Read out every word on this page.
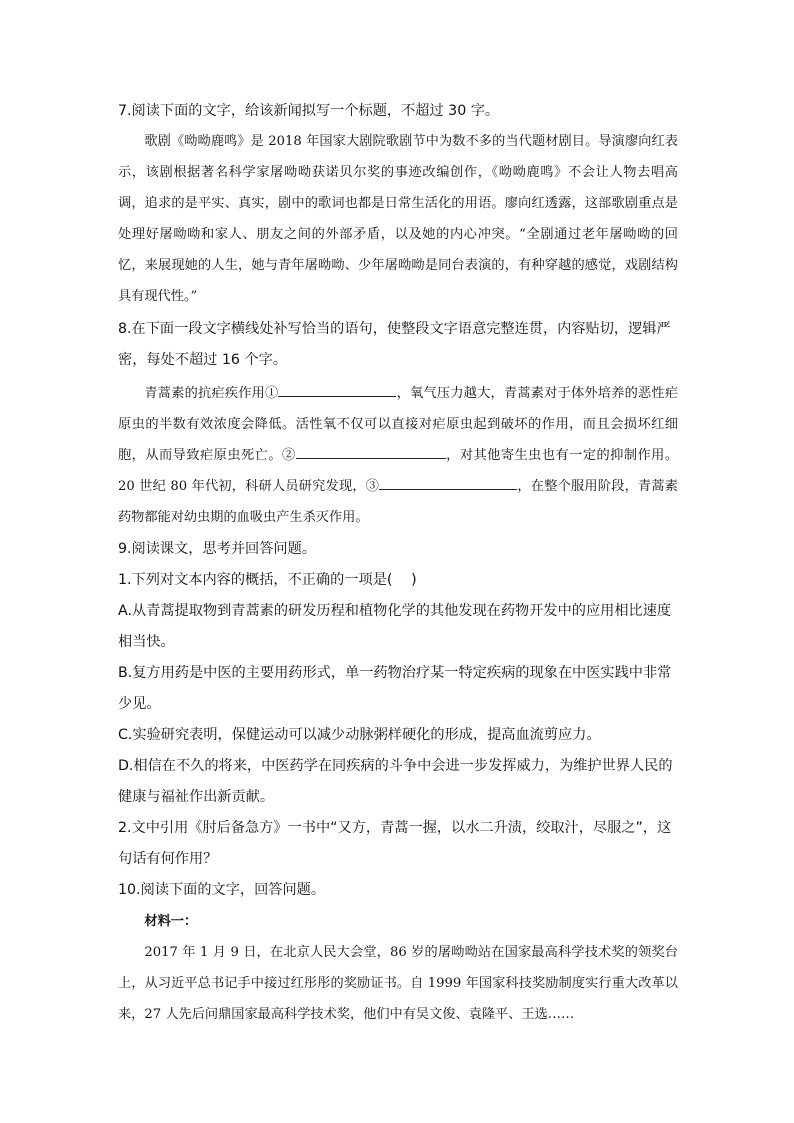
7.阅读下面的文字，给该新闻拟写一个标题，不超过 30 字。

歌剧《呦呦鹿鸣》是 2018 年国家大剧院歌剧节中为数不多的当代题材剧目。导演廖向红表示，该剧根据著名科学家屠呦呦获诺贝尔奖的事迹改编创作，《呦呦鹿鸣》不会让人物去唱高调，追求的是平实、真实，剧中的歌词也都是日常生活化的用语。廖向红透露，这部歌剧重点是处理好屠呦呦和家人、朋友之间的外部矛盾，以及她的内心冲突。“全剧通过老年屠呦呦的回忆，来展现她的人生，她与青年屠呦呦、少年屠呦呦是同台表演的，有种穿越的感觉，戏剧结构具有现代性。”

8.在下面一段文字横线处补写恰当的语句，使整段文字语意完整连贯，内容贴切，逻辑严密，每处不超过 16 个字。

青蒿素的抗疟疾作用①	，氧气压力越大，青蒿素对于体外培养的恶性疟原虫的半数有效浓度会降低。活性氧不仅可以直接对疟原虫起到破坏的作用，而且会损坏红细胞，从而导致疟原虫死亡。②	，对其他寄生虫也有一定的抑制作用。20 世纪 80 年代初，科研人员研究发现，③	，在整个服用阶段，青蒿素药物都能对幼虫期的血吸虫产生杀灭作用。

9.阅读课文，思考并回答问题。

1.下列对文本内容的概括，不正确的一项是(　 )

A.从青蒿提取物到青蒿素的研发历程和植物化学的其他发现在药物开发中的应用相比速度相当快。

B.复方用药是中医的主要用药形式，单一药物治疗某一特定疾病的现象在中医实践中非常少见。

C.实验研究表明，保健运动可以减少动脉粥样硬化的形成，提高血流剪应力。

D.相信在不久的将来，中医药学在同疾病的斗争中会进一步发挥威力，为维护世界人民的健康与福祉作出新贡献。

2.文中引用《肘后备急方》一书中“又方，青蒿一握，以水二升渍，绞取汁，尽服之”，这句话有何作用？

10.阅读下面的文字，回答问题。

材料一：

2017 年 1 月 9 日，在北京人民大会堂，86 岁的屠呦呦站在国家最高科学技术奖的领奖台上，从习近平总书记手中接过红彤彤的奖励证书。自 1999 年国家科技奖励制度实行重大改革以来，27 人先后问鼎国家最高科学技术奖，他们中有吴文俊、袁隆平、王选……
